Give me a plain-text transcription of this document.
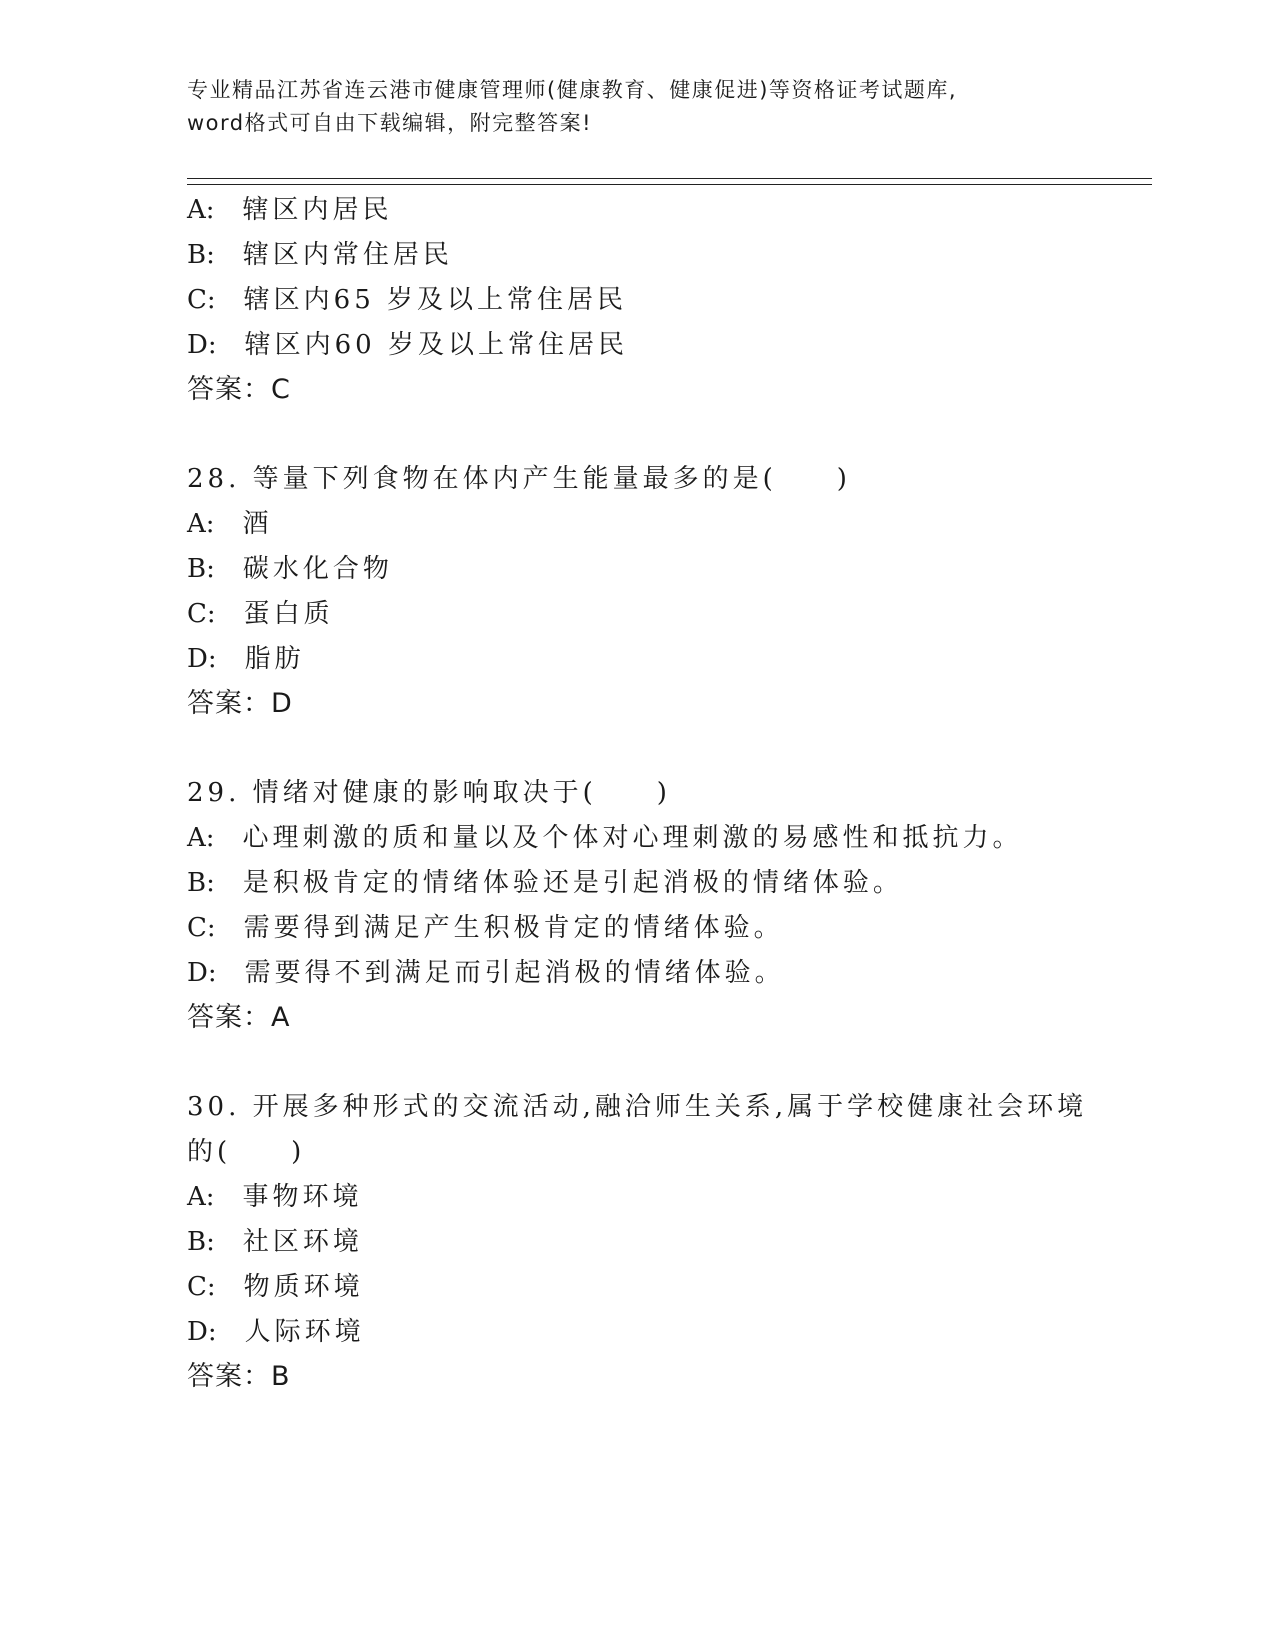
专业精品江苏省连云港市健康管理师(健康教育、健康促进)等资格证考试题库,
word格式可自由下载编辑，附完整答案!
A: 辖区内居民
B: 辖区内常住居民
C: 辖区内65 岁及以上常住居民
D: 辖区内60 岁及以上常住居民
答案：C
28. 等量下列食物在体内产生能量最多的是(　　)
A: 酒
B: 碳水化合物
C: 蛋白质
D: 脂肪
答案：D
29. 情绪对健康的影响取决于(　　)
A: 心理刺激的质和量以及个体对心理刺激的易感性和抵抗力。
B: 是积极肯定的情绪体验还是引起消极的情绪体验。
C: 需要得到满足产生积极肯定的情绪体验。
D: 需要得不到满足而引起消极的情绪体验。
答案：A
30. 开展多种形式的交流活动,融洽师生关系,属于学校健康社会环境
的(　　)
A: 事物环境
B: 社区环境
C: 物质环境
D: 人际环境
答案：B
